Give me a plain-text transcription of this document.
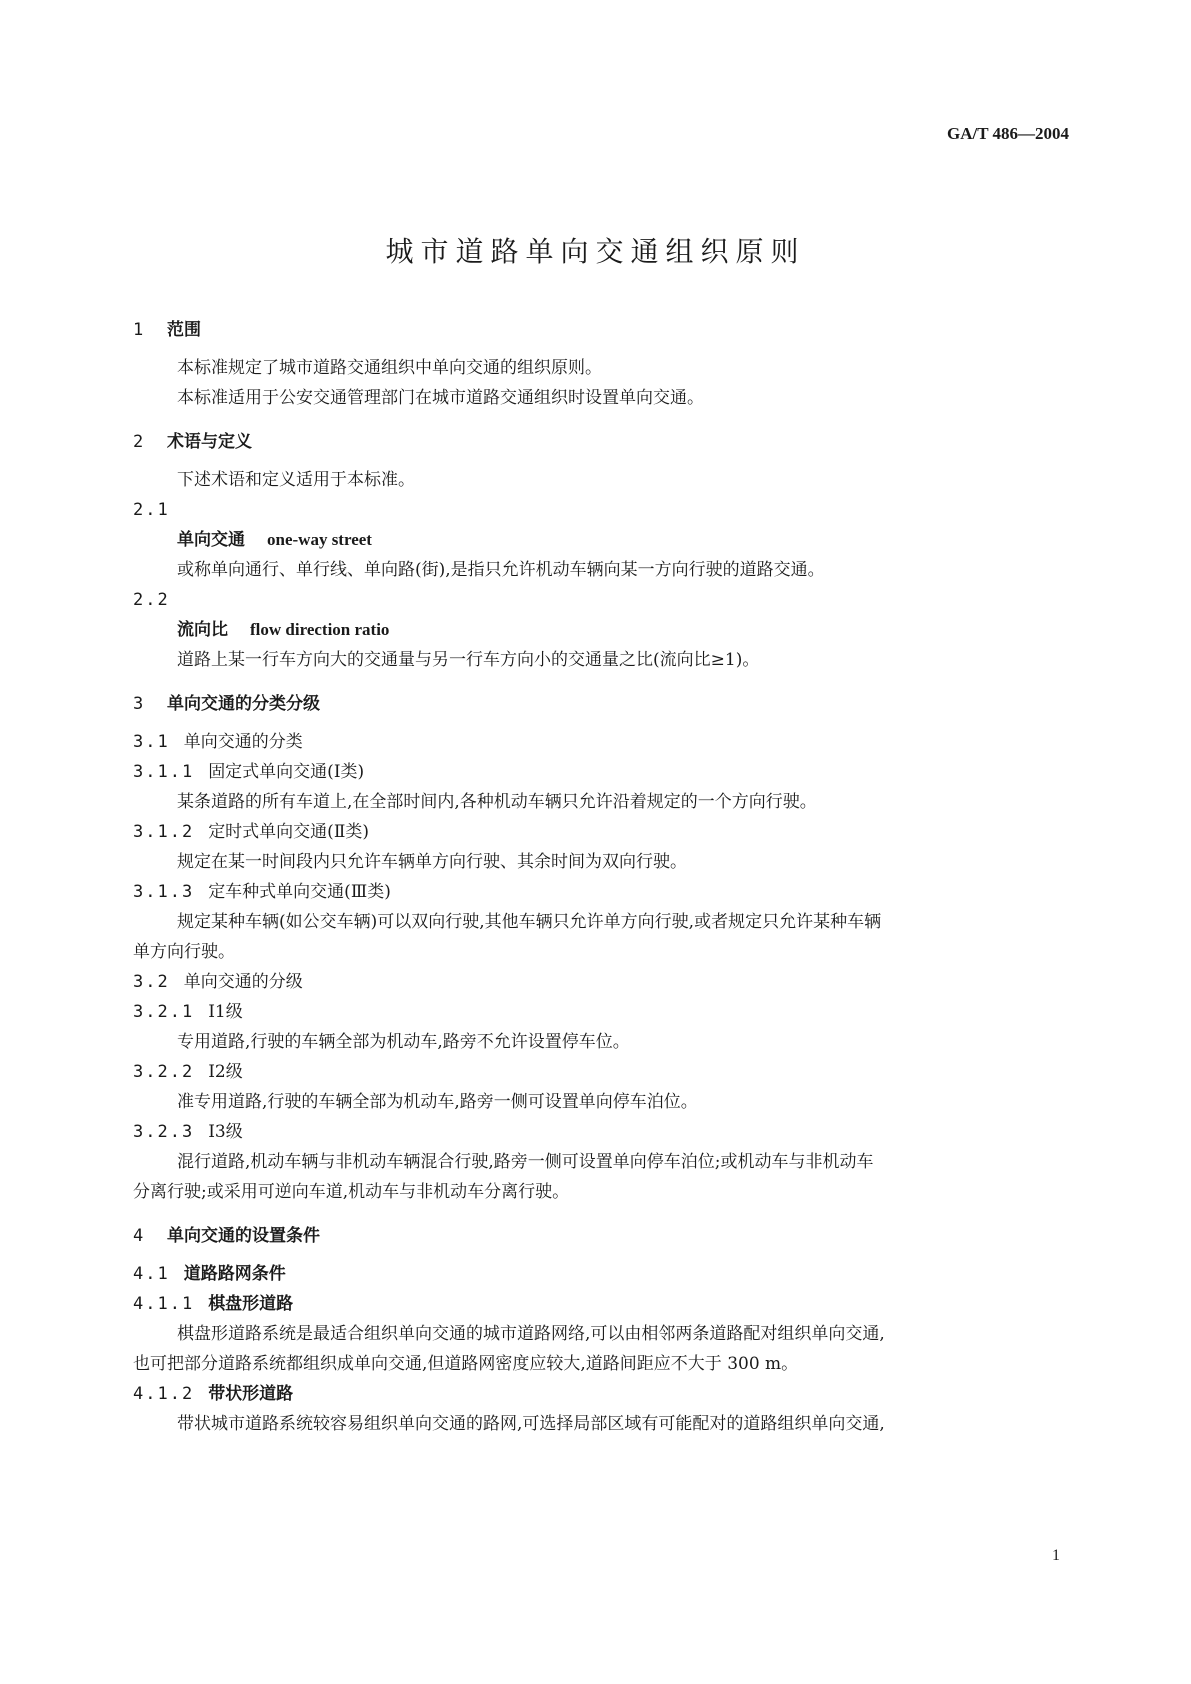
GA/T 486—2004
城市道路单向交通组织原则
1 范围
本标准规定了城市道路交通组织中单向交通的组织原则。
本标准适用于公安交通管理部门在城市道路交通组织时设置单向交通。
2 术语与定义
下述术语和定义适用于本标准。
2.1
单向交通 one-way street
或称单向通行、单行线、单向路(街),是指只允许机动车辆向某一方向行驶的道路交通。
2.2
流向比 flow direction ratio
道路上某一行车方向大的交通量与另一行车方向小的交通量之比(流向比≥1)。
3 单向交通的分类分级
3.1 单向交通的分类
3.1.1 固定式单向交通(Ⅰ类)
某条道路的所有车道上,在全部时间内,各种机动车辆只允许沿着规定的一个方向行驶。
3.1.2 定时式单向交通(Ⅱ类)
规定在某一时间段内只允许车辆单方向行驶、其余时间为双向行驶。
3.1.3 定车种式单向交通(Ⅲ类)
规定某种车辆(如公交车辆)可以双向行驶,其他车辆只允许单方向行驶,或者规定只允许某种车辆
单方向行驶。
3.2 单向交通的分级
3.2.1 Ⅰ1级
专用道路,行驶的车辆全部为机动车,路旁不允许设置停车位。
3.2.2 Ⅰ2级
准专用道路,行驶的车辆全部为机动车,路旁一侧可设置单向停车泊位。
3.2.3 Ⅰ3级
混行道路,机动车辆与非机动车辆混合行驶,路旁一侧可设置单向停车泊位;或机动车与非机动车
分离行驶;或采用可逆向车道,机动车与非机动车分离行驶。
4 单向交通的设置条件
4.1 道路路网条件
4.1.1 棋盘形道路
棋盘形道路系统是最适合组织单向交通的城市道路网络,可以由相邻两条道路配对组织单向交通,
也可把部分道路系统都组织成单向交通,但道路网密度应较大,道路间距应不大于 300 m。
4.1.2 带状形道路
带状城市道路系统较容易组织单向交通的路网,可选择局部区域有可能配对的道路组织单向交通,
1
